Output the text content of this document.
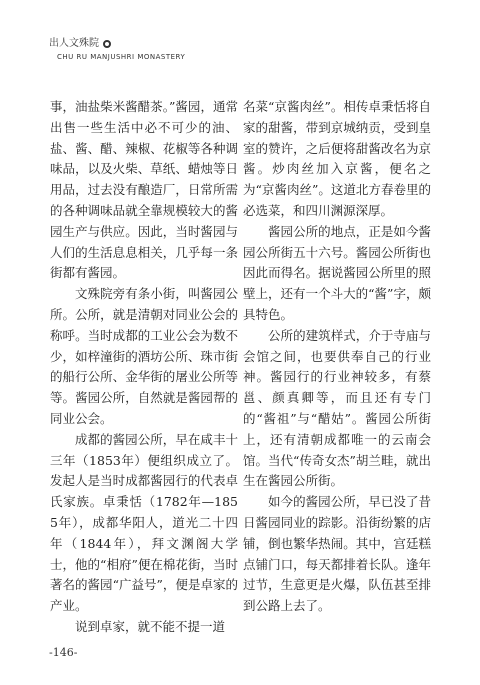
出人文殊院
CHU RU MANJUSHRI MONASTERY

事，油盐柴米酱醋茶。”酱园，通常出售一些生活中必不可少的油、盐、酱、醋、辣椒、花椒等各种调味品，以及火柴、草纸、蜡烛等日用品，过去没有酿造厂，日常所需的各种调味品就全靠规模较大的酱园生产与供应。因此，当时酱园与人们的生活息息相关，几乎每一条街都有酱园。

文殊院旁有条小街，叫酱园公所。公所，就是清朝对同业公会的称呼。当时成都的工业公会为数不少，如梓潼街的酒坊公所、珠市街的船行公所、金华街的屠业公所等等。酱园公所，自然就是酱园帮的同业公会。

成都的酱园公所，早在咸丰十三年（1853年）便组织成立了。发起人是当时成都酱园行的代表卓氏家族。卓秉恬（1782年—1855年），成都华阳人，道光二十四年（1844年），拜文渊阁大学士，他的“相府”便在棉花街，当时著名的酱园“广益号”，便是卓家的产业。

说到卓家，就不能不提一道

名菜“京酱肉丝”。相传卓秉恬将自家的甜酱，带到京城纳贡，受到皇室的赞许，之后便将甜酱改名为京酱。炒肉丝加入京酱，便名之为“京酱肉丝”。这道北方春卷里的必选菜，和四川渊源深厚。

酱园公所的地点，正是如今酱园公所街五十六号。酱园公所街也因此而得名。据说酱园公所里的照壁上，还有一个斗大的“酱”字，颇具特色。

公所的建筑样式，介于寺庙与会馆之间，也要供奉自己的行业神。酱园行的行业神较多，有蔡邕、颜真卿等，而且还有专门的“酱祖”与“醋姑”。酱园公所街上，还有清朝成都唯一的云南会馆。当代“传奇女杰”胡兰畦，就出生在酱园公所街。

如今的酱园公所，早已没了昔日酱园同业的踪影。沿街纷繁的店铺，倒也繁华热闹。其中，宫廷糕点铺门口，每天都排着长队。逢年过节，生意更是火爆，队伍甚至排到公路上去了。

-146-
